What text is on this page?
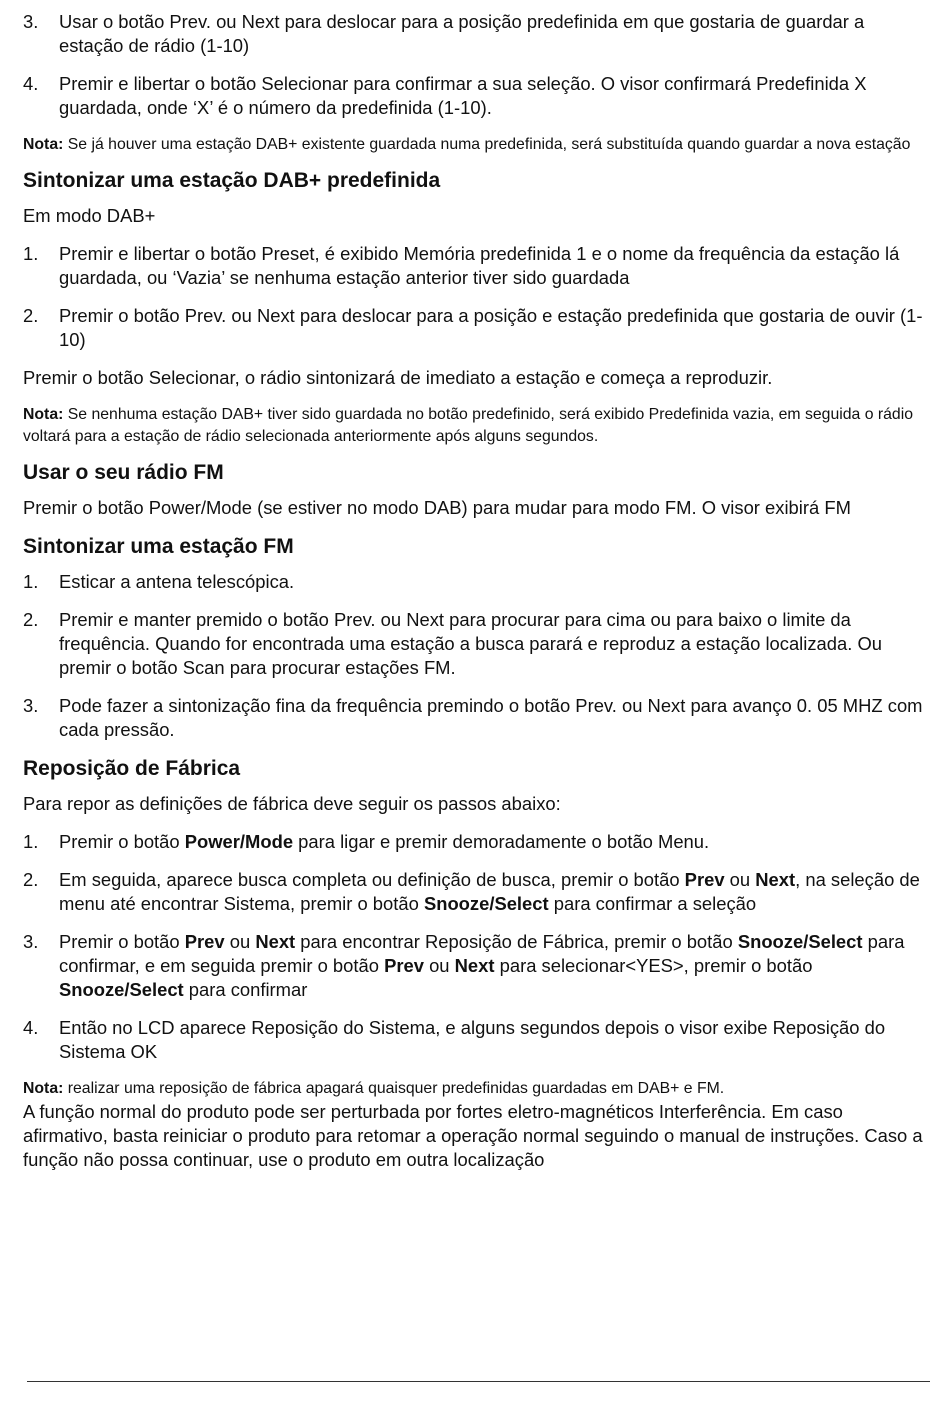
3. Usar o botão Prev. ou Next para deslocar para a posição predefinida em que gostaria de guardar a estação de rádio (1-10)
4. Premir e libertar o botão Selecionar para confirmar a sua seleção. O visor confirmará Predefinida X guardada, onde ‘X’ é o número da predefinida (1-10).
Nota: Se já houver uma estação DAB+ existente guardada numa predefinida, será substituída quando guardar a nova estação
Sintonizar uma estação DAB+ predefinida
Em modo DAB+
1. Premir e libertar o botão Preset, é exibido Memória predefinida 1 e o nome da frequência da estação lá guardada, ou ‘Vazia’ se nenhuma estação anterior tiver sido guardada
2. Premir o botão Prev. ou Next para deslocar para a posição e estação predefinida que gostaria de ouvir (1-10)
Premir o botão Selecionar, o rádio sintonizará de imediato a estação e começa a reproduzir.
Nota: Se nenhuma estação DAB+ tiver sido guardada no botão predefinido, será exibido Predefinida vazia, em seguida o rádio voltará para a estação de rádio selecionada anteriormente após alguns segundos.
Usar o seu rádio FM
Premir o botão Power/Mode (se estiver no modo DAB) para mudar para modo FM. O visor exibirá FM
Sintonizar uma estação FM
1. Esticar a antena telescópica.
2. Premir e manter premido o botão Prev. ou Next para procurar para cima ou para baixo o limite da frequência. Quando for encontrada uma estação a busca parará e reproduz a estação localizada. Ou premir o botão Scan para procurar estações FM.
3. Pode fazer a sintonização fina da frequência premindo o botão Prev. ou Next para avanço 0. 05 MHZ com cada pressão.
Reposição de Fábrica
Para repor as definições de fábrica deve seguir os passos abaixo:
1. Premir o botão Power/Mode para ligar e premir demoradamente o botão Menu.
2. Em seguida, aparece busca completa ou definição de busca, premir o botão Prev ou Next, na seleção de menu até encontrar Sistema, premir o botão Snooze/Select para confirmar a seleção
3. Premir o botão Prev ou Next para encontrar Reposição de Fábrica, premir o botão Snooze/Select para confirmar, e em seguida premir o botão Prev ou Next para selecionar<YES>, premir o botão Snooze/Select para confirmar
4. Então no LCD aparece Reposição do Sistema, e alguns segundos depois o visor exibe Reposição do Sistema OK
Nota: realizar uma reposição de fábrica apagará quaisquer predefinidas guardadas em DAB+ e FM.
A função normal do produto pode ser perturbada por fortes eletro-magnéticos Interferência. Em caso afirmativo, basta reiniciar o produto para retomar a operação normal seguindo o manual de instruções. Caso a função não possa continuar, use o produto em outra localização
